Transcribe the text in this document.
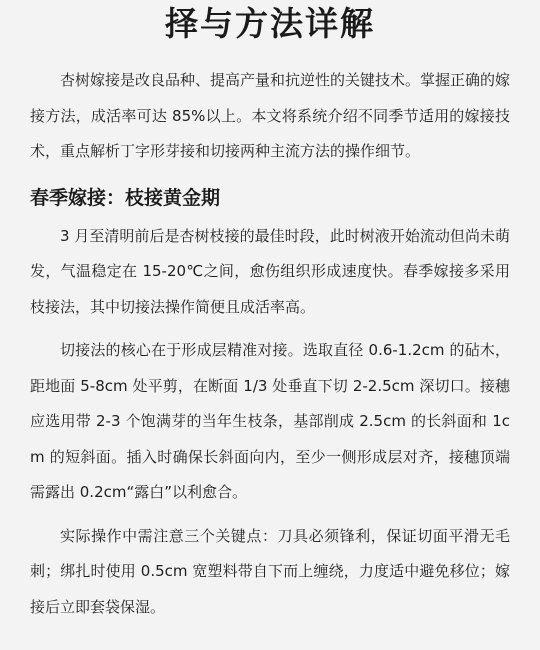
择与方法详解

杏树嫁接是改良品种、提高产量和抗逆性的关键技术。掌握正确的嫁接方法，成活率可达 85%以上。本文将系统介绍不同季节适用的嫁接技术，重点解析丁字形芽接和切接两种主流方法的操作细节。

春季嫁接：枝接黄金期

3 月至清明前后是杏树枝接的最佳时段，此时树液开始流动但尚未萌发，气温稳定在 15-20℃之间，愈伤组织形成速度快。春季嫁接多采用枝接法，其中切接法操作简便且成活率高。

切接法的核心在于形成层精准对接。选取直径 0.6-1.2cm 的砧木，距地面 5-8cm 处平剪，在断面 1/3 处垂直下切 2-2.5cm 深切口。接穗应选用带 2-3 个饱满芽的当年生枝条，基部削成 2.5cm 的长斜面和 1cm 的短斜面。插入时确保长斜面向内，至少一侧形成层对齐，接穗顶端需露出 0.2cm“露白”以利愈合。

实际操作中需注意三个关键点：刀具必须锋利，保证切面平滑无毛刺；绑扎时使用 0.5cm 宽塑料带自下而上缠绕，力度适中避免移位；嫁接后立即套袋保湿。
